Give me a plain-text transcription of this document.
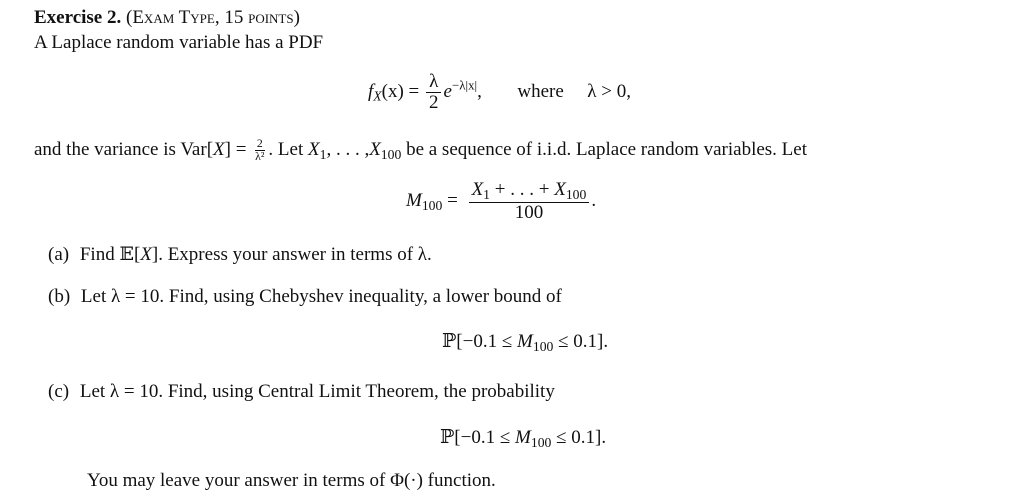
Exercise 2. (Exam Type, 15 points)
A Laplace random variable has a PDF
$f_X(x) = \frac{\lambda}{2} e^{-\lambda|x|}$, where λ > 0,
and the variance is $Var[X] = \frac{2}{\text{λ²}}$ . Let $X_1$, . . . $,X_{100}$ be a sequence of i.i.d. Laplace random variables. Let
$M_{100} = \frac{X_1 + . . . + X_{100}}{100}$ .
(a) Find 𝔼[X]. Express your answer in terms of λ.
(b) Let λ = 10. Find, using Chebyshev inequality, a lower bound of
ℙ[−0.1 ≤ $M_{100} \le 0.1$].
(c) Let λ = 10. Find, using Central Limit Theorem, the probability
ℙ[−0.1 ≤ $M_{100} \le 0.1$].
You may leave your answer in terms of Φ(·) function.
